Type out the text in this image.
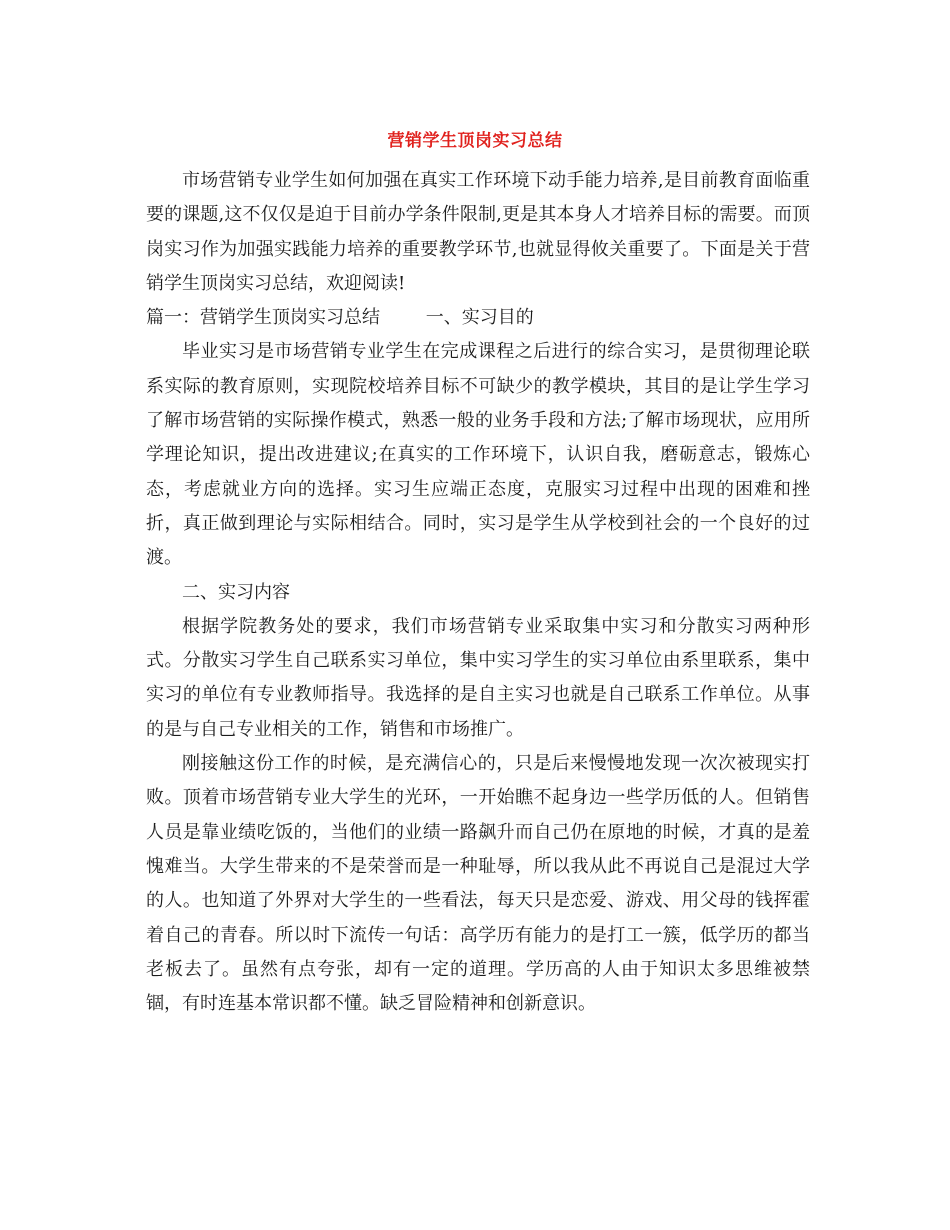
营销学生顶岗实习总结

市场营销专业学生如何加强在真实工作环境下动手能力培养,是目前教育面临重要的课题,这不仅仅是迫于目前办学条件限制,更是其本身人才培养目标的需要。而顶岗实习作为加强实践能力培养的重要教学环节,也就显得攸关重要了。下面是关于营销学生顶岗实习总结，欢迎阅读!

篇一：营销学生顶岗实习总结        一、实习目的

毕业实习是市场营销专业学生在完成课程之后进行的综合实习，是贯彻理论联系实际的教育原则，实现院校培养目标不可缺少的教学模块，其目的是让学生学习了解市场营销的实际操作模式，熟悉一般的业务手段和方法;了解市场现状，应用所学理论知识，提出改进建议;在真实的工作环境下，认识自我，磨砺意志，锻炼心态，考虑就业方向的选择。实习生应端正态度，克服实习过程中出现的困难和挫折，真正做到理论与实际相结合。同时，实习是学生从学校到社会的一个良好的过渡。

二、实习内容

根据学院教务处的要求，我们市场营销专业采取集中实习和分散实习两种形式。分散实习学生自己联系实习单位，集中实习学生的实习单位由系里联系，集中实习的单位有专业教师指导。我选择的是自主实习也就是自己联系工作单位。从事的是与自己专业相关的工作，销售和市场推广。

刚接触这份工作的时候，是充满信心的，只是后来慢慢地发现一次次被现实打败。顶着市场营销专业大学生的光环，一开始瞧不起身边一些学历低的人。但销售人员是靠业绩吃饭的，当他们的业绩一路飙升而自己仍在原地的时候，才真的是羞愧难当。大学生带来的不是荣誉而是一种耻辱，所以我从此不再说自己是混过大学的人。也知道了外界对大学生的一些看法，每天只是恋爱、游戏、用父母的钱挥霍着自己的青春。所以时下流传一句话：高学历有能力的是打工一簇，低学历的都当老板去了。虽然有点夸张，却有一定的道理。学历高的人由于知识太多思维被禁锢，有时连基本常识都不懂。缺乏冒险精神和创新意识。
